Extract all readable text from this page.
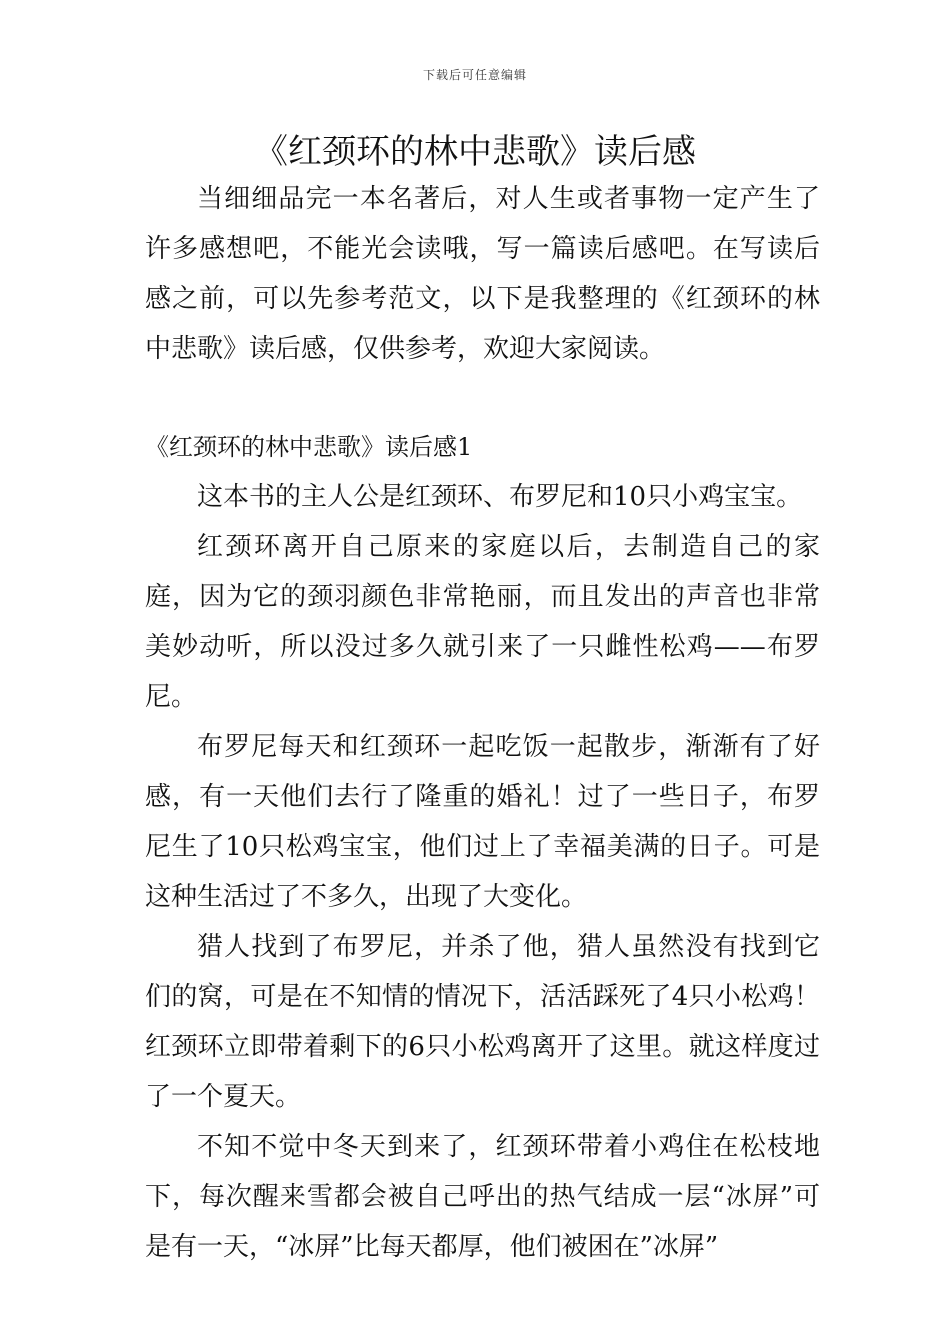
下载后可任意编辑
《红颈环的林中悲歌》读后感

当细细品完一本名著后，对人生或者事物一定产生了许多感想吧，不能光会读哦，写一篇读后感吧。在写读后感之前，可以先参考范文，以下是我整理的《红颈环的林中悲歌》读后感，仅供参考，欢迎大家阅读。

《红颈环的林中悲歌》读后感1

这本书的主人公是红颈环、布罗尼和10只小鸡宝宝。

红颈环离开自己原来的家庭以后，去制造自己的家庭，因为它的颈羽颜色非常艳丽，而且发出的声音也非常美妙动听，所以没过多久就引来了一只雌性松鸡——布罗尼。

布罗尼每天和红颈环一起吃饭一起散步，渐渐有了好感，有一天他们去行了隆重的婚礼！过了一些日子，布罗尼生了10只松鸡宝宝，他们过上了幸福美满的日子。可是这种生活过了不多久，出现了大变化。

猎人找到了布罗尼，并杀了他，猎人虽然没有找到它们的窝，可是在不知情的情况下，活活踩死了4只小松鸡！红颈环立即带着剩下的6只小松鸡离开了这里。就这样度过了一个夏天。

不知不觉中冬天到来了，红颈环带着小鸡住在松枝地下，每次醒来雪都会被自己呼出的热气结成一层“冰屏”可是有一天，“冰屏”比每天都厚，他们被困在”冰屏”
